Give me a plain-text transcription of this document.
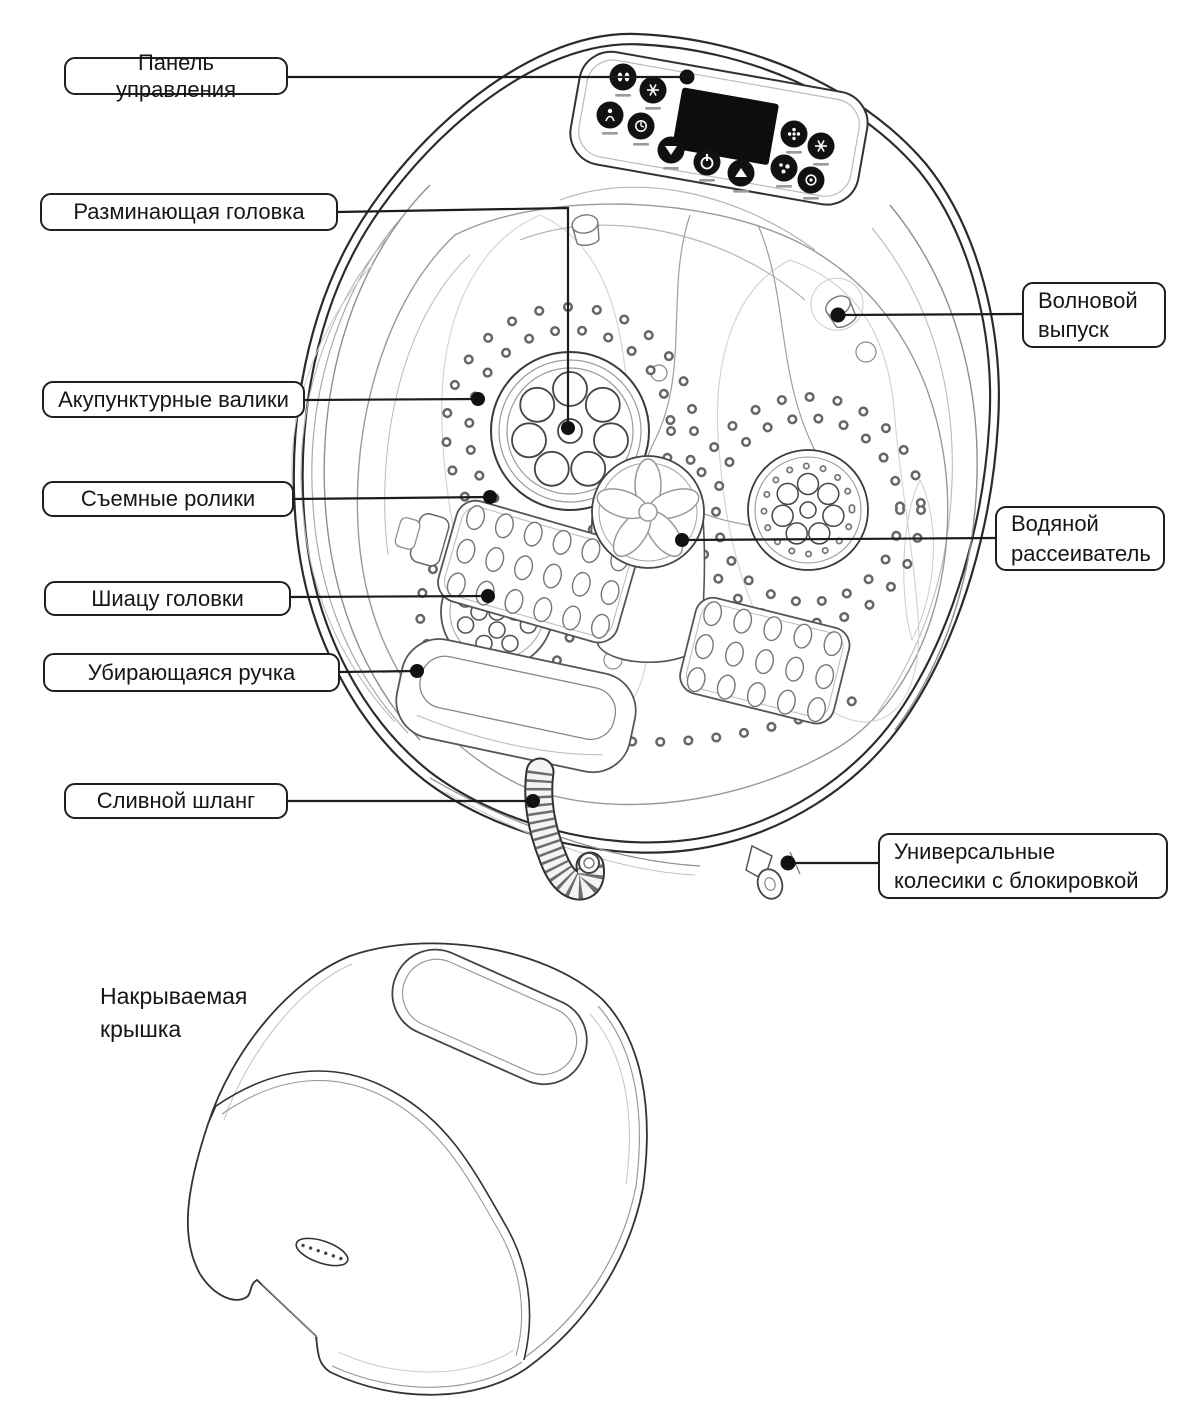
Панель управления
Разминающая головка
Акупунктурные валики
Съемные ролики
Шиацу головки
Убирающаяся ручка
Сливной шланг
Волновой выпуск
Водяной рассеиватель
Универсальные колесики с блокировкой
Накрываемая крышка
